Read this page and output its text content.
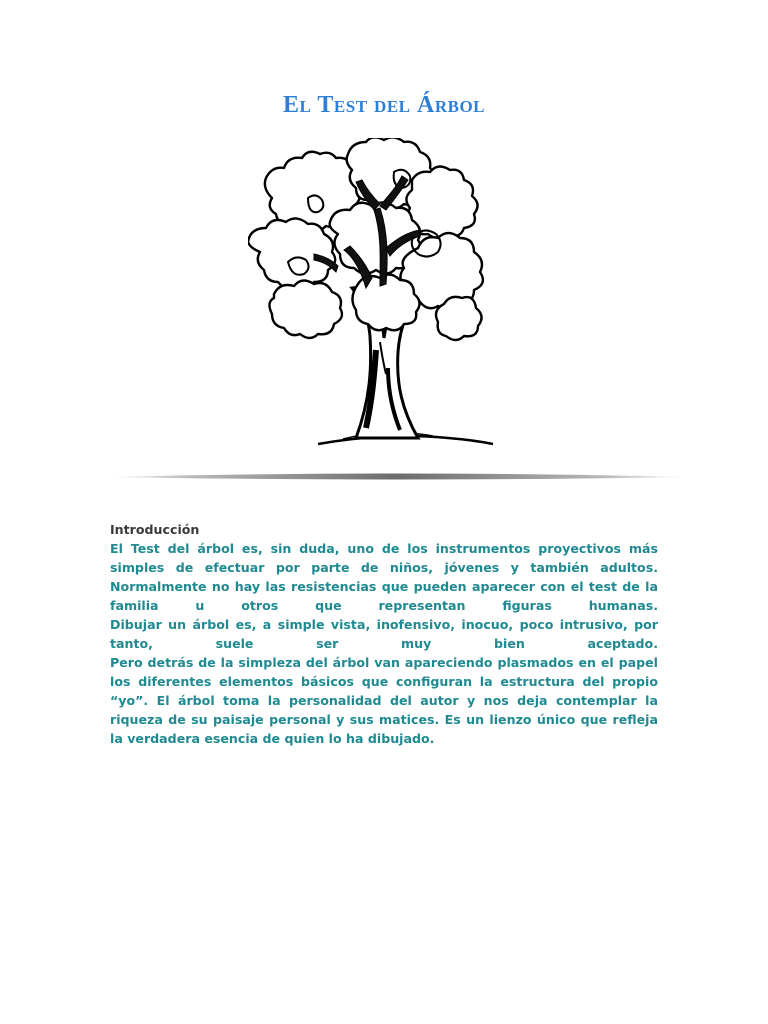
El Test del Árbol

Introducción

El Test del árbol es, sin duda, uno de los instrumentos proyectivos más simples de efectuar por parte de niños, jóvenes y también adultos. Normalmente no hay las resistencias que pueden aparecer con el test de la familia u otros que representan figuras humanas.

Dibujar un árbol es, a simple vista, inofensivo, inocuo, poco intrusivo, por tanto, suele ser muy bien aceptado.

Pero detrás de la simpleza del árbol van apareciendo plasmados en el papel los diferentes elementos básicos que configuran la estructura del propio “yo”. El árbol toma la personalidad del autor y nos deja contemplar la riqueza de su paisaje personal y sus matices. Es un lienzo único que refleja la verdadera esencia de quien lo ha dibujado.
